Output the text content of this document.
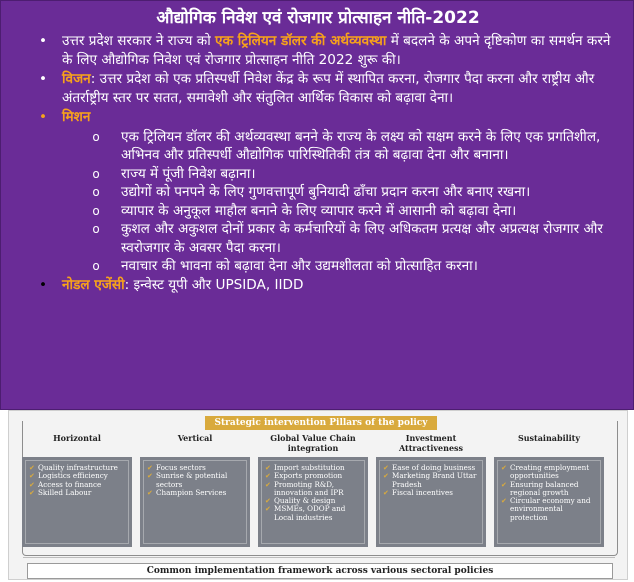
औद्योगिक निवेश एवं रोजगार प्रोत्साहन नीति-2022
• उत्तर प्रदेश सरकार ने राज्य को एक ट्रिलियन डॉलर की अर्थव्यवस्था में बदलने के अपने दृष्टिकोण का समर्थन करने के लिए औद्योगिक निवेश एवं रोजगार प्रोत्साहन नीति 2022 शुरू की।
• विजन: उत्तर प्रदेश को एक प्रतिस्पर्धी निवेश केंद्र के रूप में स्थापित करना, रोजगार पैदा करना और राष्ट्रीय और अंतर्राष्ट्रीय स्तर पर सतत, समावेशी और संतुलित आर्थिक विकास को बढ़ावा देना।
• मिशन
o	एक ट्रिलियन डॉलर की अर्थव्यवस्था बनने के राज्य के लक्ष्य को सक्षम करने के लिए एक प्रगतिशील, अभिनव और प्रतिस्पर्धी औद्योगिक पारिस्थितिकी तंत्र को बढ़ावा देना और बनाना।
o	राज्य में पूंजी निवेश बढ़ाना।
o	उद्योगों को पनपने के लिए गुणवत्तापूर्ण बुनियादी ढाँचा प्रदान करना और बनाए रखना।
o	व्यापार के अनुकूल माहौल बनाने के लिए व्यापार करने में आसानी को बढ़ावा देना।
o	कुशल और अकुशल दोनों प्रकार के कर्मचारियों के लिए अधिकतम प्रत्यक्ष और अप्रत्यक्ष रोजगार और स्वरोजगार के अवसर पैदा करना।
o	नवाचार की भावना को बढ़ावा देना और उद्यमशीलता को प्रोत्साहित करना।
• नोडल एजेंसी: इन्वेस्ट यूपी और UPSIDA, IIDD
Strategic intervention Pillars of the policy
Horizontal	Vertical	Global Value Chain integration
Investment Attractiveness
Sustainability
✔ Quality infrastructure
✔ Logistics efficiency
✔ Access to finance
✔ Skilled Labour
✔ Focus sectors
✔ Sunrise & potential sectors
✔ Champion Services
✔ Import substitution
✔ Exports promotion
✔ Promoting R&D, innovation and IPR
✔ Quality & design
✔ MSMEs, ODOP and Local industries
✔ Ease of doing business
✔ Marketing Brand Uttar Pradesh
✔ Fiscal incentives
✔ Creating employment opportunities
✔ Ensuring balanced regional growth
✔ Circular economy and environmental protection
Common implementation framework across various sectoral policies
